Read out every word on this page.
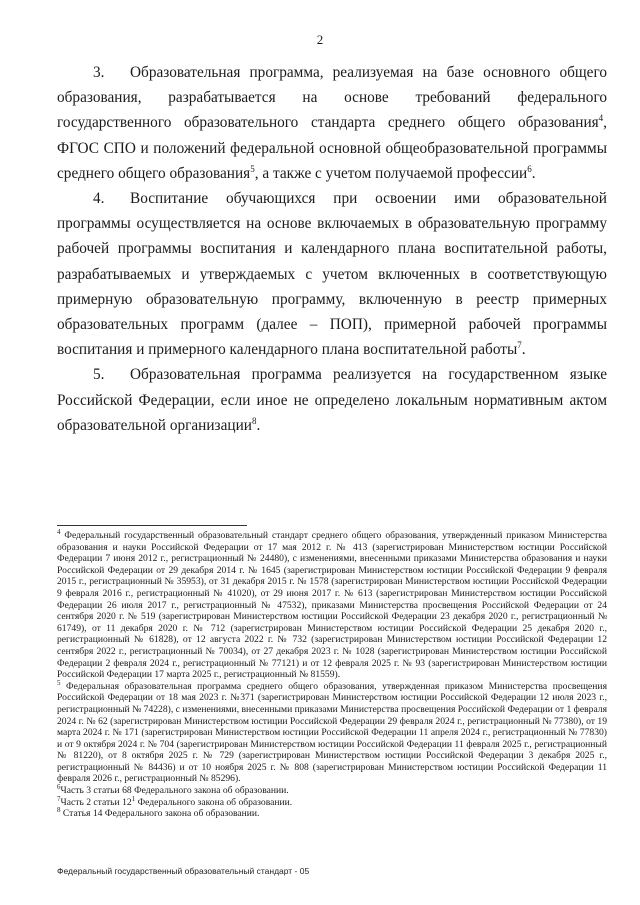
2

3. Образовательная программа, реализуемая на базе основного общего образования, разрабатывается на основе требований федерального государственного образовательного стандарта среднего общего образования$^4$, ФГОС СПО и положений федеральной основной общеобразовательной программы среднего общего образования$^5$, а также с учетом получаемой профессии$^6$.

4. Воспитание обучающихся при освоении ими образовательной программы осуществляется на основе включаемых в образовательную программу рабочей программы воспитания и календарного плана воспитательной работы, разрабатываемых и утверждаемых с учетом включенных в соответствующую примерную образовательную программу, включенную в реестр примерных образовательных программ (далее – ПОП), примерной рабочей программы воспитания и примерного календарного плана воспитательной работы$^7$.

5. Образовательная программа реализуется на государственном языке Российской Федерации, если иное не определено локальным нормативным актом образовательной организации$^8$.

$^4$ Федеральный государственный образовательный стандарт среднего общего образования, утвержденный приказом Министерства образования и науки Российской Федерации от 17 мая 2012 г. № 413 (зарегистрирован Министерством юстиции Российской Федерации 7 июня 2012 г., регистрационный № 24480), с изменениями, внесенными приказами Министерства образования и науки Российской Федерации от 29 декабря 2014 г. № 1645 (зарегистрирован Министерством юстиции Российской Федерации 9 февраля 2015 г., регистрационный № 35953), от 31 декабря 2015 г. № 1578 (зарегистрирован Министерством юстиции Российской Федерации 9 февраля 2016 г., регистрационный № 41020), от 29 июня 2017 г. № 613 (зарегистрирован Министерством юстиции Российской Федерации 26 июля 2017 г., регистрационный № 47532), приказами Министерства просвещения Российской Федерации от 24 сентября 2020 г. № 519 (зарегистрирован Министерством юстиции Российской Федерации 23 декабря 2020 г., регистрационный № 61749), от 11 декабря 2020 г. № 712 (зарегистрирован Министерством юстиции Российской Федерации 25 декабря 2020 г., регистрационный № 61828), от 12 августа 2022 г. № 732 (зарегистрирован Министерством юстиции Российской Федерации 12 сентября 2022 г., регистрационный № 70034), от 27 декабря 2023 г. № 1028 (зарегистрирован Министерством юстиции Российской Федерации 2 февраля 2024 г., регистрационный № 77121) и от 12 февраля 2025 г. № 93 (зарегистрирован Министерством юстиции Российской Федерации 17 марта 2025 г., регистрационный № 81559).

$^5$ Федеральная образовательная программа среднего общего образования, утвержденная приказом Министерства просвещения Российской Федерации от 18 мая 2023 г. №371 (зарегистрирован Министерством юстиции Российской Федерации 12 июля 2023 г., регистрационный № 74228), с изменениями, внесенными приказами Министерства просвещения Российской Федерации от 1 февраля 2024 г. № 62 (зарегистрирован Министерством юстиции Российской Федерации 29 февраля 2024 г., регистрационный № 77380), от 19 марта 2024 г. № 171 (зарегистрирован Министерством юстиции Российской Федерации 11 апреля 2024 г., регистрационный № 77830) и от 9 октября 2024 г. № 704 (зарегистрирован Министерством юстиции Российской Федерации 11 февраля 2025 г., регистрационный № 81220), от 8 октября 2025 г. № 729 (зарегистрирован Министерством юстиции Российской Федерации 3 декабря 2025 г., регистрационный № 84436) и от 10 ноября 2025 г. № 808 (зарегистрирован Министерством юстиции Российской Федерации 11 февраля 2026 г., регистрационный № 85296).

$^6$Часть 3 статьи 68 Федерального закона об образовании.

$^7$Часть 2 статьи $12^1$ Федерального закона об образовании.

$^8$ Статья 14 Федерального закона об образовании.

Федеральный государственный образовательный стандарт - 05
